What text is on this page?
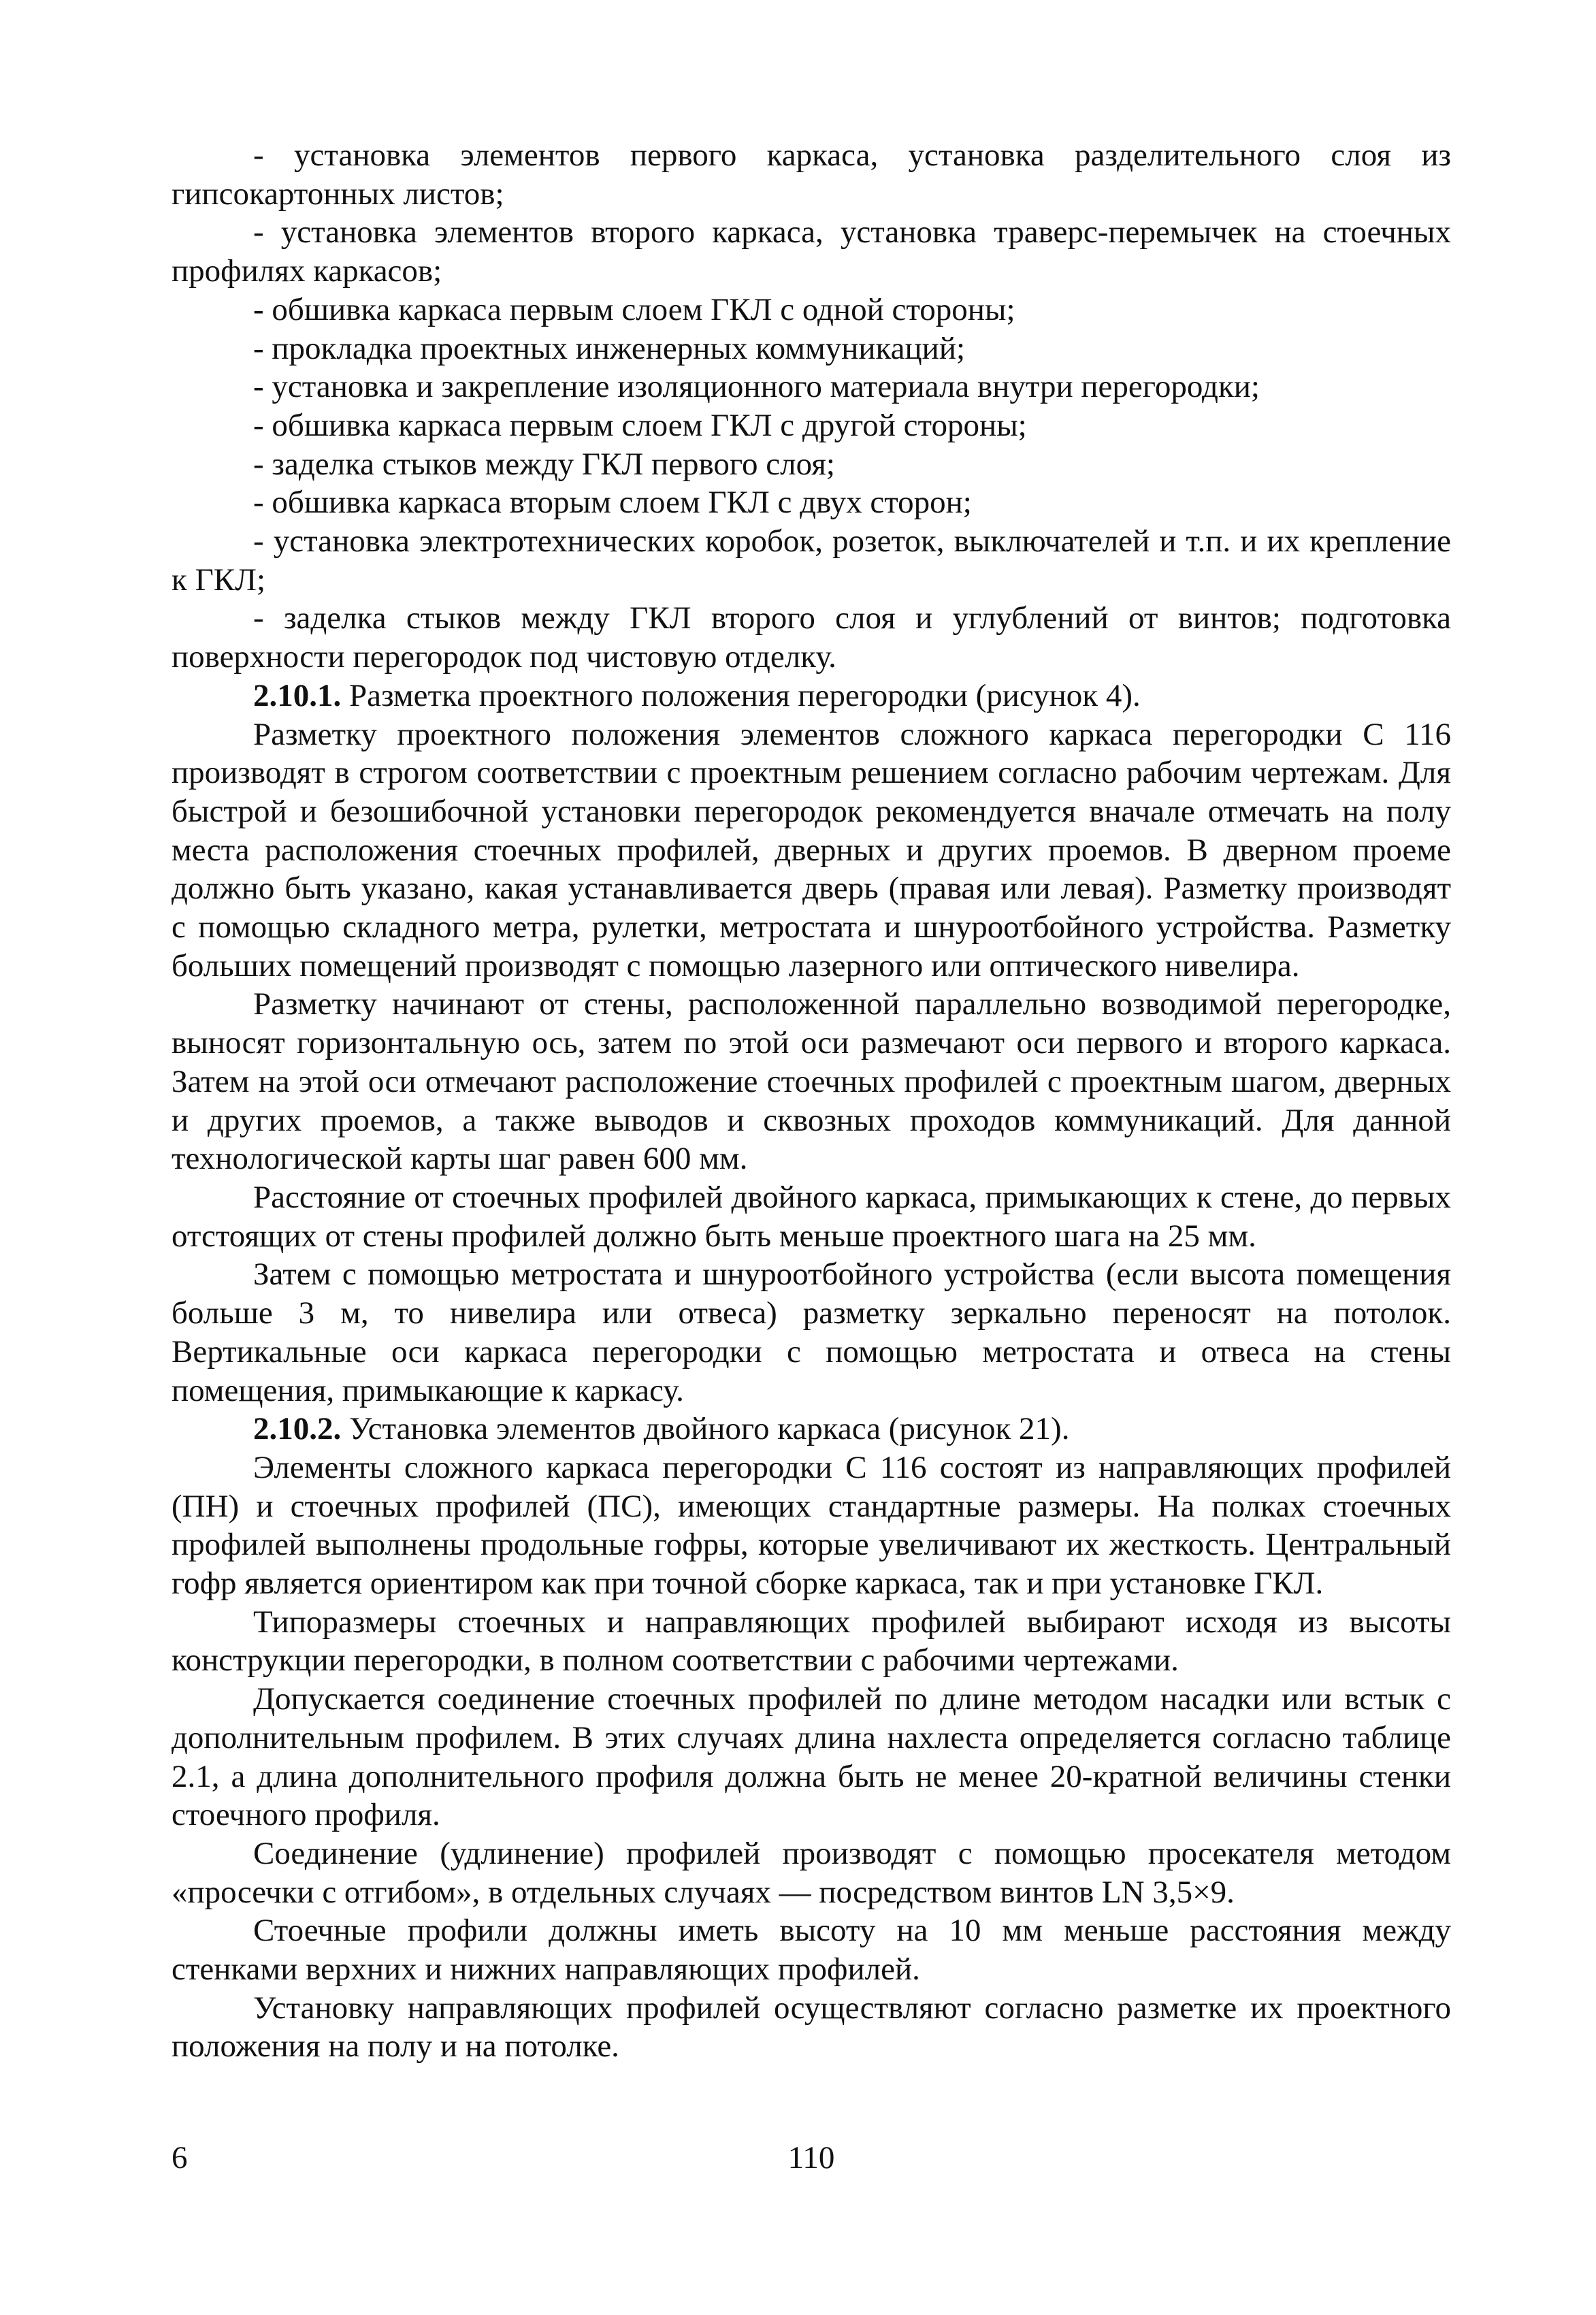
- установка элементов первого каркаса, установка разделительного слоя из гипсокартонных листов;

- установка элементов второго каркаса, установка траверс-перемычек на стоечных профилях каркасов;

- обшивка каркаса первым слоем ГКЛ с одной стороны;

- прокладка проектных инженерных коммуникаций;

- установка и закрепление изоляционного материала внутри перегородки;

- обшивка каркаса первым слоем ГКЛ с другой стороны;

- заделка стыков между ГКЛ первого слоя;

- обшивка каркаса вторым слоем ГКЛ с двух сторон;

- установка электротехнических коробок, розеток, выключателей и т.п. и их крепление к ГКЛ;

- заделка стыков между ГКЛ второго слоя и углублений от винтов; подготовка поверхности перегородок под чистовую отделку.

2.10.1. Разметка проектного положения перегородки (рисунок 4).

Разметку проектного положения элементов сложного каркаса перегородки С 116 производят в строгом соответствии с проектным решением согласно рабочим чертежам. Для быстрой и безошибочной установки перегородок рекомендуется вначале отмечать на полу места расположения стоечных профилей, дверных и других проемов. В дверном проеме должно быть указано, какая устанавливается дверь (правая или левая). Разметку производят с помощью складного метра, рулетки, метростата и шнуроотбойного устройства. Разметку больших помещений производят с помощью лазерного или оптического нивелира.

Разметку начинают от стены, расположенной параллельно возводимой перегородке, выносят горизонтальную ось, затем по этой оси размечают оси первого и второго каркаса. Затем на этой оси отмечают расположение стоечных профилей с проектным шагом, дверных и других проемов, а также выводов и сквозных проходов коммуникаций. Для данной технологической карты шаг равен 600 мм.

Расстояние от стоечных профилей двойного каркаса, примыкающих к стене, до первых отстоящих от стены профилей должно быть меньше проектного шага на 25 мм.

Затем с помощью метростата и шнуроотбойного устройства (если высота помещения больше 3 м, то нивелира или отвеса) разметку зеркально переносят на потолок. Вертикальные оси каркаса перегородки с помощью метростата и отвеса на стены помещения, примыкающие к каркасу.

2.10.2. Установка элементов двойного каркаса (рисунок 21).

Элементы сложного каркаса перегородки С 116 состоят из направляющих профилей (ПН) и стоечных профилей (ПС), имеющих стандартные размеры. На полках стоечных профилей выполнены продольные гофры, которые увеличивают их жесткость. Центральный гофр является ориентиром как при точной сборке каркаса, так и при установке ГКЛ.

Типоразмеры стоечных и направляющих профилей выбирают исходя из высоты конструкции перегородки, в полном соответствии с рабочими чертежами.

Допускается соединение стоечных профилей по длине методом насадки или встык с дополнительным профилем. В этих случаях длина нахлеста определяется согласно таблице 2.1, а длина дополнительного профиля должна быть не менее 20-кратной величины стенки стоечного профиля.

Соединение (удлинение) профилей производят с помощью просекателя методом «просечки с отгибом», в отдельных случаях — посредством винтов LN 3,5×9.

Стоечные профили должны иметь высоту на 10 мм меньше расстояния между стенками верхних и нижних направляющих профилей.

Установку направляющих профилей осуществляют согласно разметке их проектного положения на полу и на потолке.

6	110
